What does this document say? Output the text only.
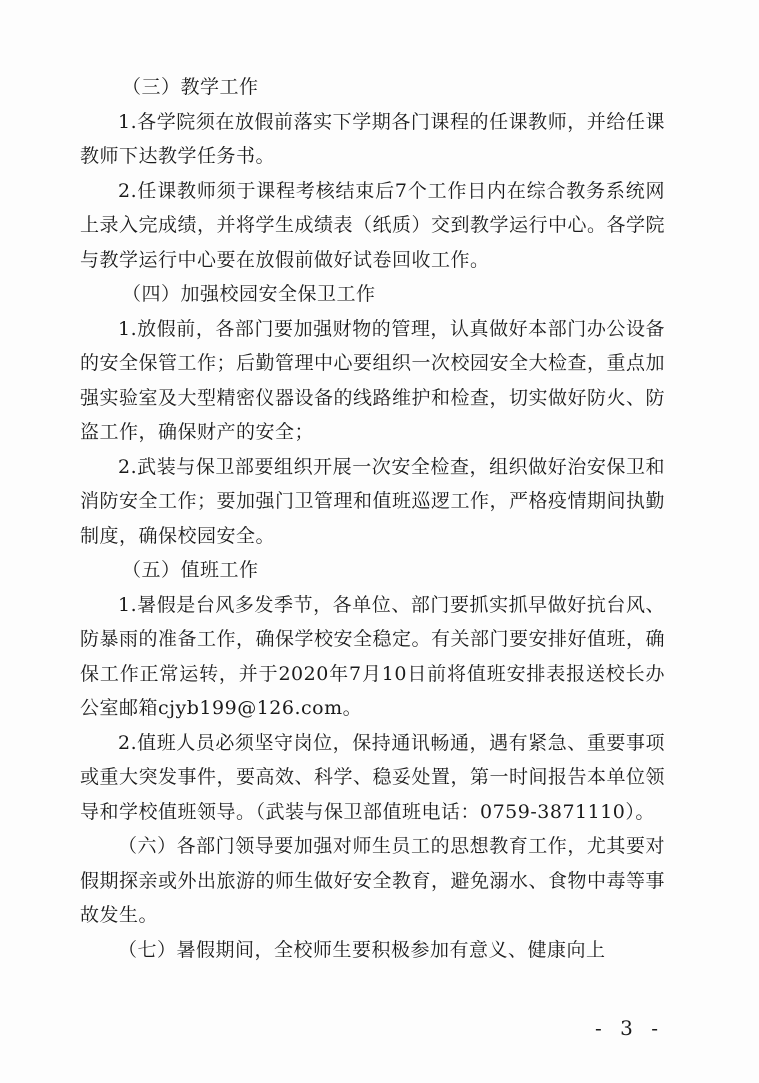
（三）教学工作

1.各学院须在放假前落实下学期各门课程的任课教师，并给任课教师下达教学任务书。

2.任课教师须于课程考核结束后7个工作日内在综合教务系统网上录入完成绩，并将学生成绩表（纸质）交到教学运行中心。各学院与教学运行中心要在放假前做好试卷回收工作。

（四）加强校园安全保卫工作

1.放假前，各部门要加强财物的管理，认真做好本部门办公设备的安全保管工作；后勤管理中心要组织一次校园安全大检查，重点加强实验室及大型精密仪器设备的线路维护和检查，切实做好防火、防盗工作，确保财产的安全；

2.武装与保卫部要组织开展一次安全检查，组织做好治安保卫和消防安全工作；要加强门卫管理和值班巡逻工作，严格疫情期间执勤制度，确保校园安全。

（五）值班工作

1.暑假是台风多发季节，各单位、部门要抓实抓早做好抗台风、防暴雨的准备工作，确保学校安全稳定。有关部门要安排好值班，确保工作正常运转，并于2020年7月10日前将值班安排表报送校长办公室邮箱cjyb199@126.com。

2.值班人员必须坚守岗位，保持通讯畅通，遇有紧急、重要事项或重大突发事件，要高效、科学、稳妥处置，第一时间报告本单位领导和学校值班领导。（武装与保卫部值班电话：0759-3871110）。

（六）各部门领导要加强对师生员工的思想教育工作，尤其要对假期探亲或外出旅游的师生做好安全教育，避免溺水、食物中毒等事故发生。

（七）暑假期间，全校师生要积极参加有意义、健康向上

- 3 -
